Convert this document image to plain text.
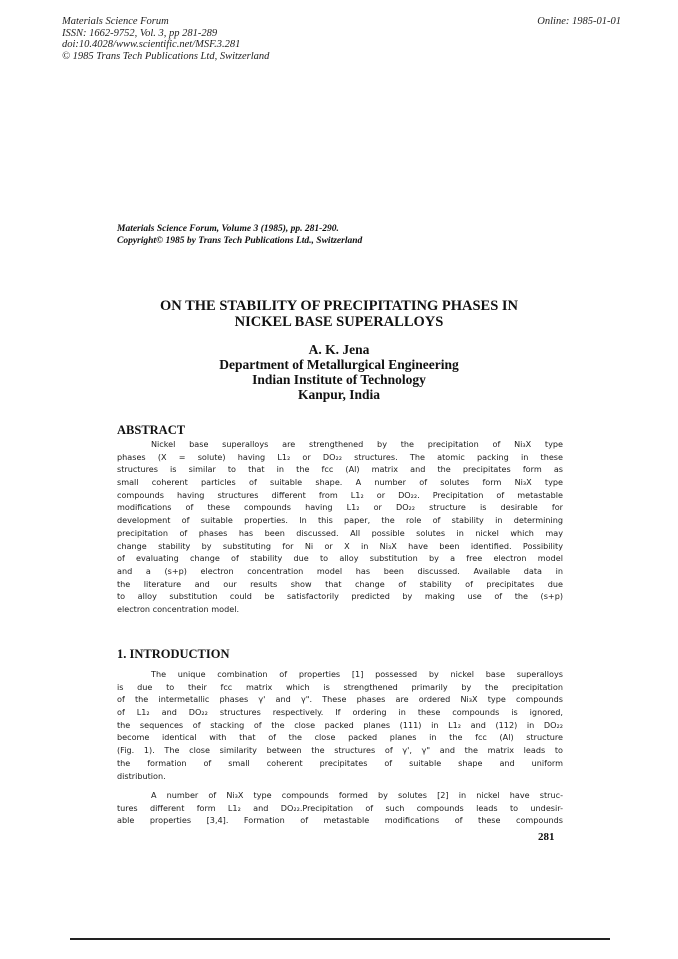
Materials Science Forum
ISSN: 1662-9752, Vol. 3, pp 281-289
doi:10.4028/www.scientific.net/MSF.3.281
© 1985 Trans Tech Publications Ltd, Switzerland
Online: 1985-01-01
Materials Science Forum, Volume 3 (1985), pp. 281-290.
Copyright© 1985 by Trans Tech Publications Ltd., Switzerland
ON THE STABILITY OF PRECIPITATING PHASES IN
NICKEL BASE SUPERALLOYS
A. K. Jena
Department of Metallurgical Engineering
Indian Institute of Technology
Kanpur, India
ABSTRACT
Nickel base superalloys are strengthened by the precipitation of Ni₃X type
phases (X = solute) having L1₂ or DO₂₂ structures. The atomic packing in these
structures is similar to that in the fcc (Al) matrix and the precipitates form as
small coherent particles of suitable shape. A number of solutes form Ni₃X type
compounds having structures different from L1₂ or DO₂₂. Precipitation of metastable
modifications of these compounds having L1₂ or DO₂₂ structure is desirable for
development of suitable properties. In this paper, the role of stability in determining
precipitation of phases has been discussed. All possible solutes in nickel which may
change stability by substituting for Ni or X in Ni₃X have been identified. Possibility
of evaluating change of stability due to alloy substitution by a free electron model
and a (s+p) electron concentration model has been discussed. Available data in
the literature and our results show that change of stability of precipitates due
to alloy substitution could be satisfactorily predicted by making use of the (s+p)
electron concentration model.
1. INTRODUCTION
The unique combination of properties [1] possessed by nickel base superalloys
is due to their fcc matrix which is strengthened primarily by the precipitation
of the intermetallic phases γ' and γ". These phases are ordered Ni₃X type compounds
of L1₂ and DO₂₂ structures respectively. If ordering in these compounds is ignored,
the sequences of stacking of the close packed planes (111) in L1₂ and (112) in DO₂₂
become identical with that of the close packed planes in the fcc (Al) structure
(Fig. 1). The close similarity between the structures of γ', γ" and the matrix leads to
the formation of small coherent precipitates of suitable shape and uniform
distribution.
A number of Ni₃X type compounds formed by solutes [2] in nickel have struc-
tures different form L1₂ and DO₂₂.Precipitation of such compounds leads to undesir-
able properties [3,4]. Formation of metastable modifications of these compounds
281
